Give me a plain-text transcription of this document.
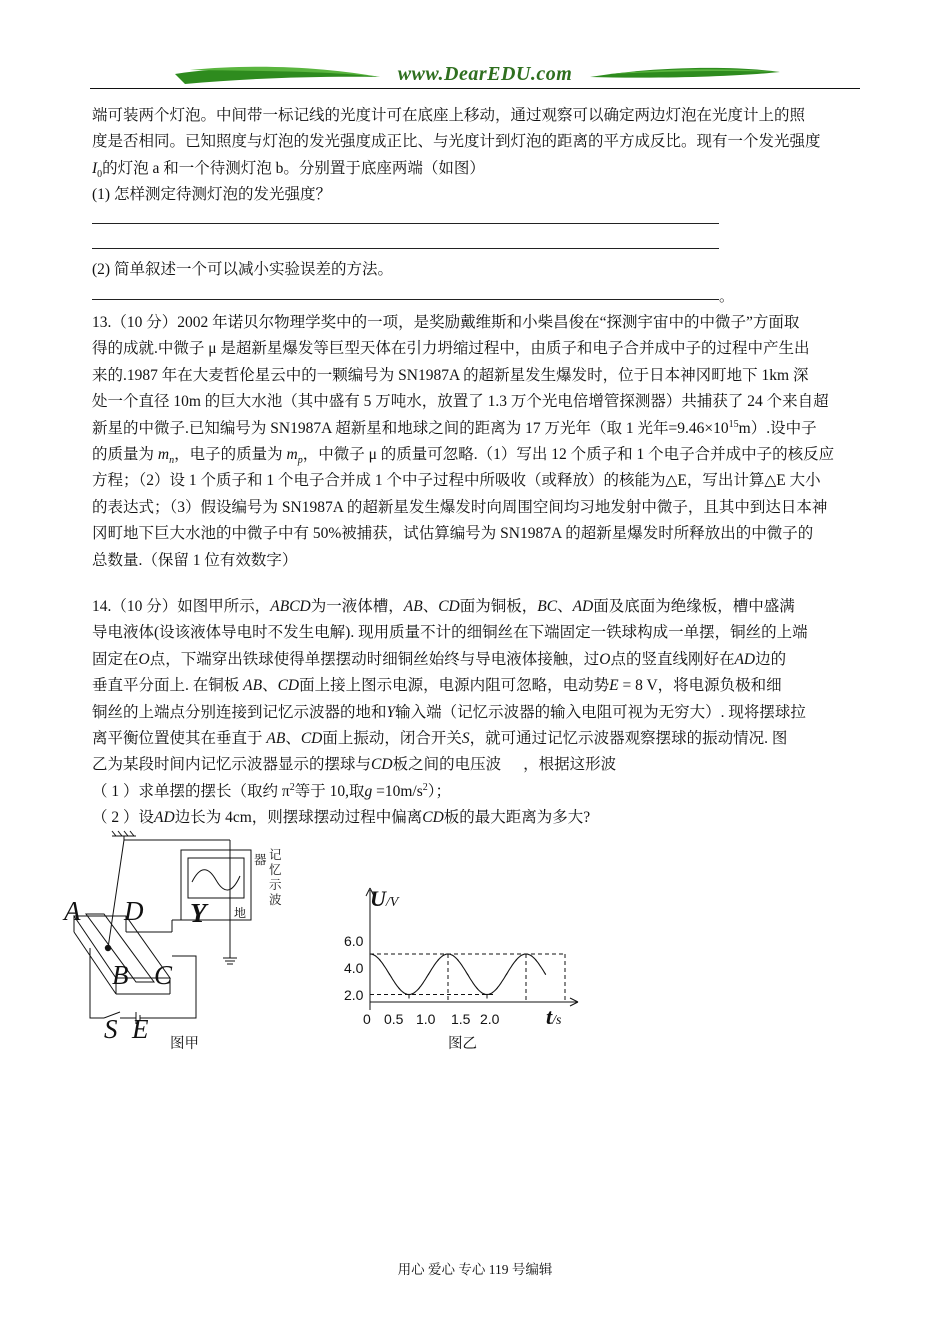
www.DearEDU.com
端可装两个灯泡。中间带一标记线的光度计可在底座上移动，通过观察可以确定两边灯泡在光度计上的照
度是否相同。已知照度与灯泡的发光强度成正比、与光度计到灯泡的距离的平方成反比。现有一个发光强度
$I_0$的灯泡 a 和一个待测灯泡 b。分别置于底座两端（如图）
(1) 怎样测定待测灯泡的发光强度？
(2) 简单叙述一个可以减小实验误差的方法。
。
13.（10 分）2002 年诺贝尔物理学奖中的一项，是奖励戴维斯和小柴昌俊在“探测宇宙中的中微子”方面取
得的成就.中微子 μ 是超新星爆发等巨型天体在引力坍缩过程中，由质子和电子合并成中子的过程中产生出
来的.1987 年在大麦哲伦星云中的一颗编号为 SN1987A 的超新星发生爆发时，位于日本神冈町地下 1km 深
处一个直径 10m 的巨大水池（其中盛有 5 万吨水，放置了 1.3 万个光电倍增管探测器）共捕获了 24 个来自超
新星的中微子.已知编号为 SN1987A 超新星和地球之间的距离为 17 万光年（取 1 光年$=9.46\times 10^{15}m$）.设中子
的质量为 $m_n$，电子的质量为 $m_p$，中微子 μ 的质量可忽略.（1）写出 12 个质子和 1 个电子合并成中子的核反应
方程；（2）设 1 个质子和 1 个电子合并成 1 个中子过程中所吸收（或释放）的核能为△E，写出计算△E 大小
的表达式；（3）假设编号为 SN1987A 的超新星发生爆发时向周围空间均习地发射中微子，且其中到达日本神
冈町地下巨大水池的中微子中有 50%被捕获，试估算编号为 SN1987A 的超新星爆发时所释放出的中微子的
总数量.（保留 1 位有效数字）
14.（10 分）如图甲所示，ABCD为一液体槽，AB、CD面为铜板，BC、AD面及底面为绝缘板，槽中盛满
导电液体(设该液体导电时不发生电解). 现用质量不计的细铜丝在下端固定一铁球构成一单摆，铜丝的上端
固定在O点，下端穿出铁球使得单摆摆动时细铜丝始终与导电液体接触，过O点的竖直线刚好在AD边的
垂直平分面上. 在铜板 AB、CD面上接上图示电源，电源内阻可忽略，电动势E = 8 V，将电源负极和细
铜丝的上端点分别连接到记忆示波器的地和Y输入端（记忆示波器的输入电阻可视为无穷大）. 现将摆球拉
离平衡位置使其在垂直于 AB、CD面上振动，闭合开关S，就可通过记忆示波器观察摆球的振动情况. 图
乙为某段时间内记忆示波器显示的摆球与CD板之间的电压波 ，根据这形波
（ 1 ）求单摆的摆长（取约 $\pi^2$等于 10,取$g =10m/s^2$）；
（ 2 ）设AD边长为 4cm，则摆球摆动过程中偏离CD板的最大距离为多大?
A D
B C
Y
S E
地
器 记
忆
示
波
图甲
U/V
t/s
6.0
4.0
2.0
0 0.5 1.0 1.5 2.0
图乙
用心 爱心 专心 119 号编辑
